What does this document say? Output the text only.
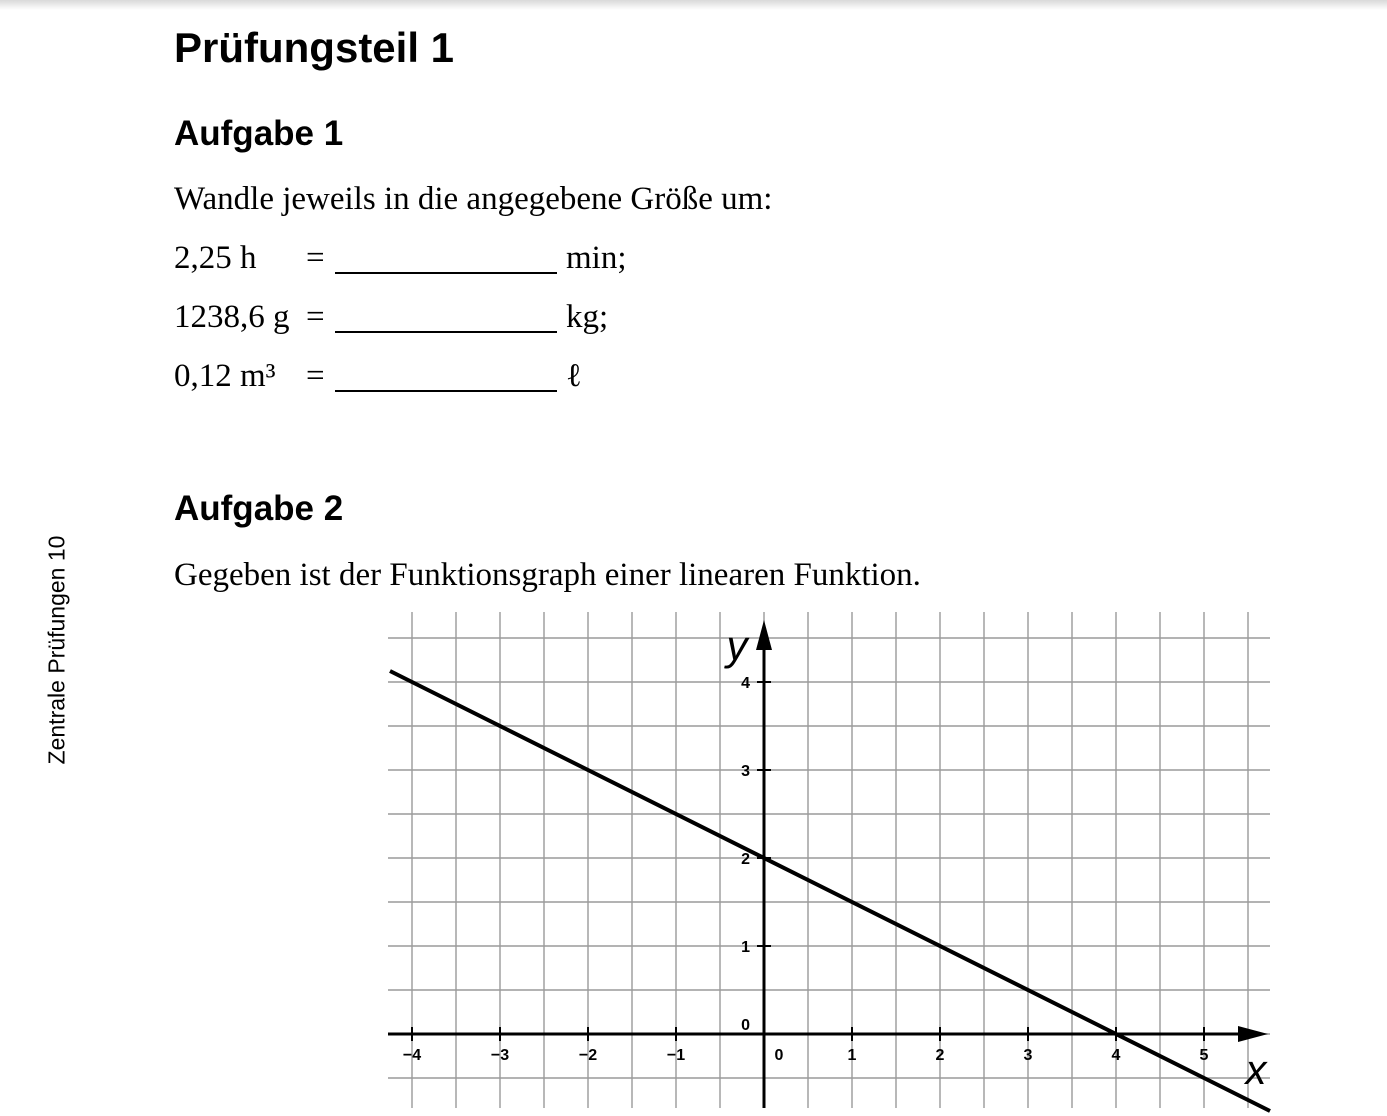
Zentrale Prüfungen 10
Prüfungsteil 1
Aufgabe 1

Wandle jeweils in die angegebene Größe um:

2,25 h =	min;
1238,6 g =	kg;
0,12 m³ =	ℓ
Aufgabe 2

Gegeben ist der Funktionsgraph einer linearen Funktion.

−4	−3	−2	−1	0	1	2	3	4	5
0
1
2
3
4
x
y
